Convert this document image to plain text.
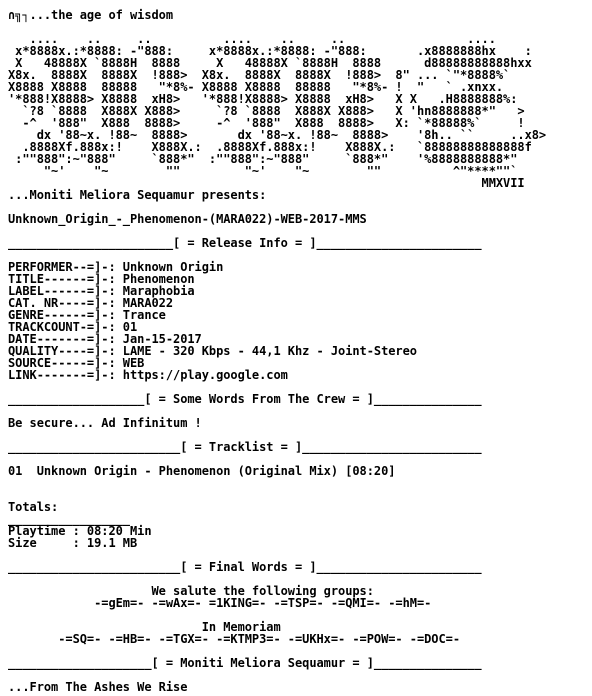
∩╗┐...the age of wisdom
....    ..     ..          ....    ..     ..                 ....
x*8888x.:*8888: -"888:     x*8888x.:*8888: -"888:       .x8888888hx    :
X   48888X `8888H  8888     X   48888X `8888H  8888      d88888888888hxx
X8x.  8888X  8888X  !888>  X8x.  8888X  8888X  !888>  8" ... `"*8888%`
X8888 X8888  88888   "*8%- X8888 X8888  88888   "*8%- !  "   ` .xnxx.
'*888!X8888> X8888  xH8>   '*888!X8888> X8888  xH8>   X X   .H8888888%:
`?8 `8888  X888X X888>     `?8 `8888  X888X X888>   X 'hn8888888*"   >
-^  '888"  X888  8888>     -^  '888"  X888  8888>   X: `*88888%`     !
dx '88~x. !88~  8888>       dx '88~x. !88~  8888>    '8h.. ``     ..x8>
.8888Xf.888x:!    X888X.:  .8888Xf.888x:!    X888X.:   `88888888888888f
:""888":~"888"     `888*"  :""888":~"888"     `888*"    '%8888888888*"
"~'    "~        ""         "~'    "~        ""          ^"****""`
MMXVII
...Moniti Meliora Sequamur presents:
Unknown_Origin_-_Phenomenon-(MARA022)-WEB-2017-MMS
_______________________[ = Release Info = ]_______________________
PERFORMER--=]-: Unknown Origin
TITLE------=]-: Phenomenon
LABEL------=]-: Maraphobia
CAT. NR----=]-: MARA022
GENRE------=]-: Trance
TRACKCOUNT-=]-: 01
DATE-------=]-: Jan-15-2017
QUALITY----=]-: LAME - 320 Kbps - 44,1 Khz - Joint-Stereo
SOURCE-----=]-: WEB
LINK-------=]-: https://play.google.com
___________________[ = Some Words From The Crew = ]_______________
Be secure... Ad Infinitum !
________________________[ = Tracklist = ]_________________________
01  Unknown Origin - Phenomenon (Original Mix) [08:20]
Totals:
_________________
Playtime : 08:20 Min
Size     : 19.1 MB
________________________[ = Final Words = ]_______________________
We salute the following groups:
-=gEm=- -=wAx=- =1KING=- -=TSP=- -=QMI=- -=hM=-
In Memoriam
-=SQ=- -=HB=- -=TGX=- -=KTMP3=- -=UKHx=- -=POW=- -=DOC=-
____________________[ = Moniti Meliora Sequamur = ]_______________
...From The Ashes We Rise
